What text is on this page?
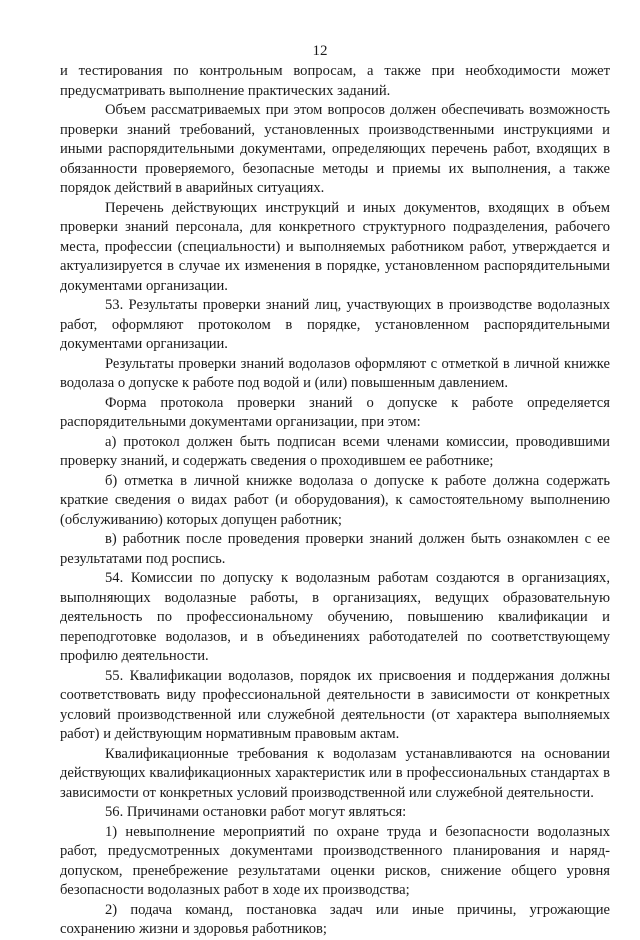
12

и тестирования по контрольным вопросам, а также при необходимости может предусматривать выполнение практических заданий.

Объем рассматриваемых при этом вопросов должен обеспечивать возможность проверки знаний требований, установленных производственными инструкциями и иными распорядительными документами, определяющих перечень работ, входящих в обязанности проверяемого, безопасные методы и приемы их выполнения, а также порядок действий в аварийных ситуациях.

Перечень действующих инструкций и иных документов, входящих в объем проверки знаний персонала, для конкретного структурного подразделения, рабочего места, профессии (специальности) и выполняемых работником работ, утверждается и актуализируется в случае их изменения в порядке, установленном распорядительными документами организации.

53. Результаты проверки знаний лиц, участвующих в производстве водолазных работ, оформляют протоколом в порядке, установленном распорядительными документами организации.

Результаты проверки знаний водолазов оформляют с отметкой в личной книжке водолаза о допуске к работе под водой и (или) повышенным давлением.

Форма протокола проверки знаний о допуске к работе определяется распорядительными документами организации, при этом:

а) протокол должен быть подписан всеми членами комиссии, проводившими проверку знаний, и содержать сведения о проходившем ее работнике;

б) отметка в личной книжке водолаза о допуске к работе должна содержать краткие сведения о видах работ (и оборудования), к самостоятельному выполнению (обслуживанию) которых допущен работник;

в) работник после проведения проверки знаний должен быть ознакомлен с ее результатами под роспись.

54. Комиссии по допуску к водолазным работам создаются в организациях, выполняющих водолазные работы, в организациях, ведущих образовательную деятельность по профессиональному обучению, повышению квалификации и переподготовке водолазов, и в объединениях работодателей по соответствующему профилю деятельности.

55. Квалификации водолазов, порядок их присвоения и поддержания должны соответствовать виду профессиональной деятельности в зависимости от конкретных условий производственной или служебной деятельности (от характера выполняемых работ) и действующим нормативным правовым актам.

Квалификационные требования к водолазам устанавливаются на основании действующих квалификационных характеристик или в профессиональных стандартах в зависимости от конкретных условий производственной или служебной деятельности.

56. Причинами остановки работ могут являться:

1) невыполнение мероприятий по охране труда и безопасности водолазных работ, предусмотренных документами производственного планирования и наряд-допуском, пренебрежение результатами оценки рисков, снижение общего уровня безопасности водолазных работ в ходе их производства;

2) подача команд, постановка задач или иные причины, угрожающие сохранению жизни и здоровья работников;
